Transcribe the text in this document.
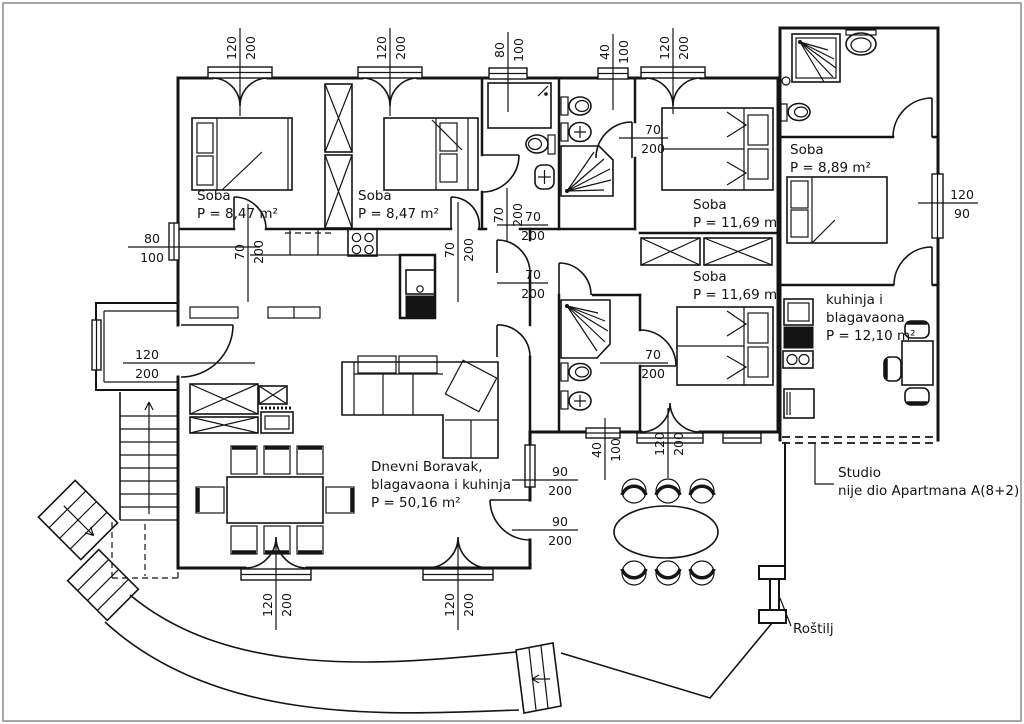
120 200	120 200	80 100	40 100 120 200
80
100
120
200
70 200	70 200
70 200 70
200
70
200
70
200
70
200
90
200
90
200
40 100 120 200
120 200	120 200
120
90
Soba
P = 8,47 m²
Soba
P = 8,47 m²
Soba
P = 11,69 m²
Soba
P = 11,69 m²
Soba
P = 8,89 m²
kuhinja i
blagavaona
P = 12,10 m²
Dnevni Boravak,
blagavaona i kuhinja
P = 50,16 m²
Studio
nije dio Apartmana A(8+2)
Roštilj
